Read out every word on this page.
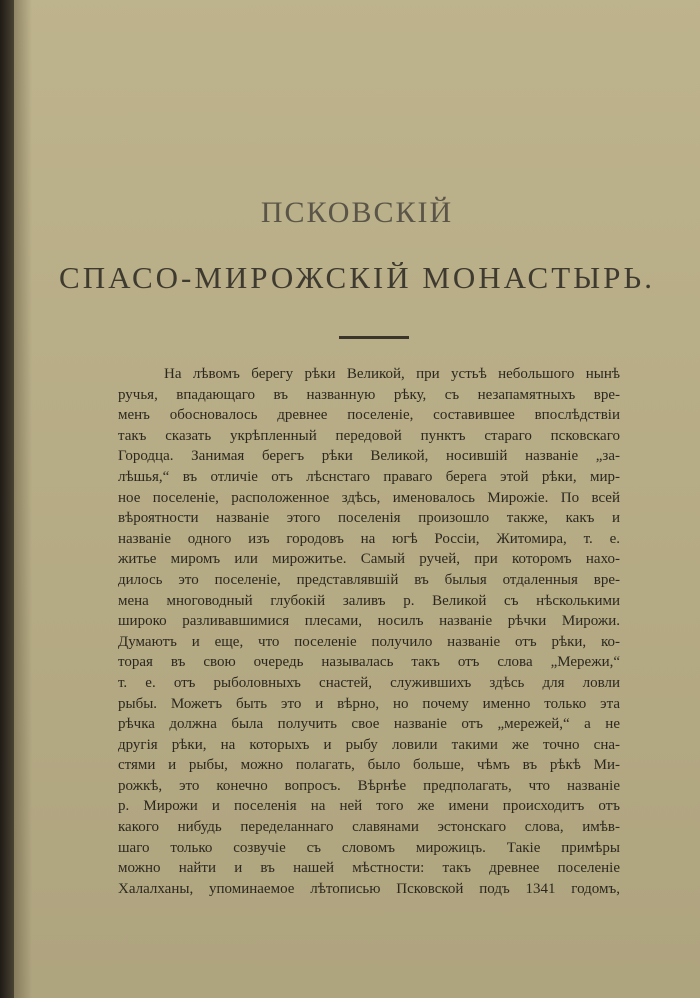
ПСКОВСКIЙ
СПАСО-МИРОЖСКIЙ МОНАСТЫРЬ.

На лѣвомъ берегу рѣки Великой, при устьѣ небольшого нынѣ
ручья, впадающаго въ названную рѣку, съ незапамятныхъ вре-
менъ обосновалось древнее поселеніе, составившее впослѣдствіи
такъ сказать укрѣпленный передовой пунктъ стараго псковскаго
Городца. Занимая берегъ рѣки Великой, носившій названіе „за-
лѣшья,“ въ отличіе отъ лѣснстаго праваго берега этой рѣки, мир-
ное поселеніе, расположенное здѣсь, именовалось Мирожіе. По всей
вѣроятности названіе этого поселенія произошло также, какъ и
названіе одного изъ городовъ на югѣ Россіи, Житомира, т. е.
житье миромъ или мирожитье. Самый ручей, при которомъ нахо-
дилось это поселеніе, представлявшій въ былыя отдаленныя вре-
мена многоводный глубокій заливъ р. Великой съ нѣсколькими
широко разливавшимися плесами, носилъ названіе рѣчки Мирожи.
Думаютъ и еще, что поселеніе получило названіе отъ рѣки, ко-
торая въ свою очередь называлась такъ отъ слова „Мережи,“
т. е. отъ рыболовныхъ снастей, служившихъ здѣсь для ловли
рыбы. Можетъ быть это и вѣрно, но почему именно только эта
рѣчка должна была получить свое названіе отъ „мережей,“ а не
другія рѣки, на которыхъ и рыбу ловили такими же точно сна-
стями и рыбы, можно полагать, было больше, чѣмъ въ рѣкѣ Ми-
рожкѣ, это конечно вопросъ. Вѣрнѣе предполагать, что названіе
р. Мирожи и поселенія на ней того же имени происходитъ отъ
какого нибудь переделаннаго славянами эстонскаго слова, имѣв-
шаго только созвучіе съ словомъ мирожицъ. Такіе примѣры
можно найти и въ нашей мѣстности: такъ древнее поселеніе
Халалханы, упоминаемое лѣтописью Псковской подъ 1341 годомъ,
